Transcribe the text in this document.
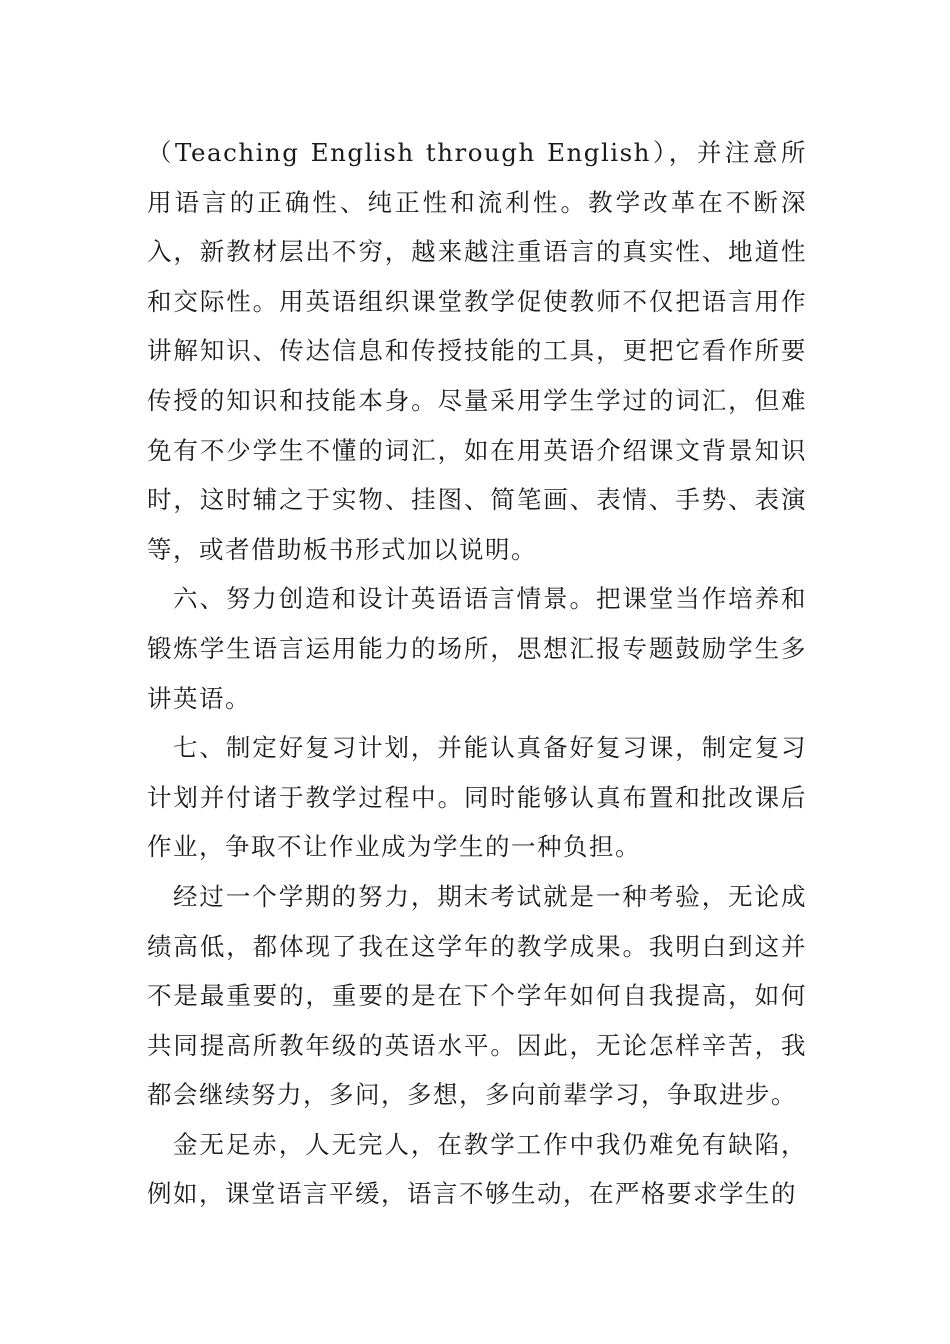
（Teaching English through English），并注意所用语言的正确性、纯正性和流利性。教学改革在不断深入，新教材层出不穷，越来越注重语言的真实性、地道性和交际性。用英语组织课堂教学促使教师不仅把语言用作讲解知识、传达信息和传授技能的工具，更把它看作所要传授的知识和技能本身。尽量采用学生学过的词汇，但难免有不少学生不懂的词汇，如在用英语介绍课文背景知识时，这时辅之于实物、挂图、简笔画、表情、手势、表演等，或者借助板书形式加以说明。

六、努力创造和设计英语语言情景。把课堂当作培养和锻炼学生语言运用能力的场所，思想汇报专题鼓励学生多讲英语。

七、制定好复习计划，并能认真备好复习课，制定复习计划并付诸于教学过程中。同时能够认真布置和批改课后作业，争取不让作业成为学生的一种负担。

经过一个学期的努力，期末考试就是一种考验，无论成绩高低，都体现了我在这学年的教学成果。我明白到这并不是最重要的，重要的是在下个学年如何自我提高，如何共同提高所教年级的英语水平。因此，无论怎样辛苦，我都会继续努力，多问，多想，多向前辈学习，争取进步。

金无足赤，人无完人，在教学工作中我仍难免有缺陷，例如，课堂语言平缓，语言不够生动，在严格要求学生的
